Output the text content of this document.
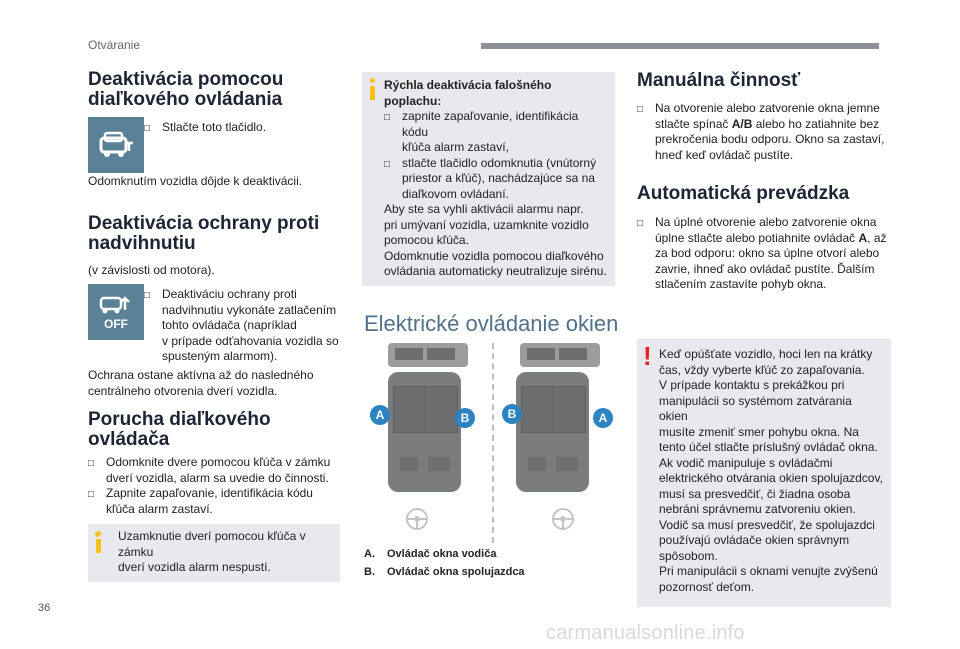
Otváranie
Deaktivácia pomocou
diaľkového ovládania
□ Stlačte toto tlačidlo.
Odomknutím vozidla dôjde k deaktivácii.
Deaktivácia ochrany proti
nadvihnutiu
(v závislosti od motora).
OFF
□ Deaktiváciu ochrany proti
nadvihnutiu vykonáte zatlačením
tohto ovládača (napríklad
v prípade odťahovania vozidla so
spusteným alarmom).
Ochrana ostane aktívna až do nasledného
centrálneho otvorenia dverí vozidla.
Porucha diaľkového
ovládača
□ Odomknite dvere pomocou kľúča v zámku
dverí vozidla, alarm sa uvedie do činnosti.
□ Zapnite zapaľovanie, identifikácia kódu
kľúča alarm zastaví.
Uzamknutie dverí pomocou kľúča v zámku
dverí vozidla alarm nespustí.
Rýchla deaktivácia falošného
poplachu:
□ zapnite zapaľovanie, identifikácia kódu
kľúča alarm zastaví,
□ stlačte tlačidlo odomknutia (vnútorný
priestor a kľúč), nachádzajúce sa na
diaľkovom ovládaní.
Aby ste sa vyhli aktivácii alarmu napr.
pri umývaní vozidla, uzamknite vozidlo
pomocou kľúča.
Odomknutie vozidla pomocou diaľkového
ovládania automaticky neutralizuje sirénu.
Elektrické ovládanie okien
A	B	B	A
A. Ovládač okna vodiča
B. Ovládač okna spolujazdca
Manuálna činnosť
□ Na otvorenie alebo zatvorenie okna jemne
stlačte spínač A/B alebo ho zatiahnite bez
prekročenia bodu odporu. Okno sa zastaví,
hneď keď ovládač pustíte.
Automatická prevádzka
□ Na úplné otvorenie alebo zatvorenie okna
úplne stlačte alebo potiahnite ovládač A, až
za bod odporu: okno sa úplne otvorí alebo
zavrie, ihneď ako ovládač pustíte. Ďalším
stlačením zastavíte pohyb okna.
Keď opúšťate vozidlo, hoci len na krátky
čas, vždy vyberte kľúč zo zapaľovania.
V prípade kontaktu s prekážkou pri
manipulácii so systémom zatvárania okien
musíte zmeniť smer pohybu okna. Na
tento účel stlačte príslušný ovládač okna.
Ak vodič manipuluje s ovládačmi
elektrického otvárania okien spolujazdcov,
musí sa presvedčiť, či žiadna osoba
nebráni správnemu zatvoreniu okien.
Vodič sa musí presvedčiť, že spolujazdci
používajú ovládače okien správnym
spôsobom.
Pri manipulácii s oknami venujte zvýšenú
pozornosť deťom.
!
36
carmanualsonline.info
